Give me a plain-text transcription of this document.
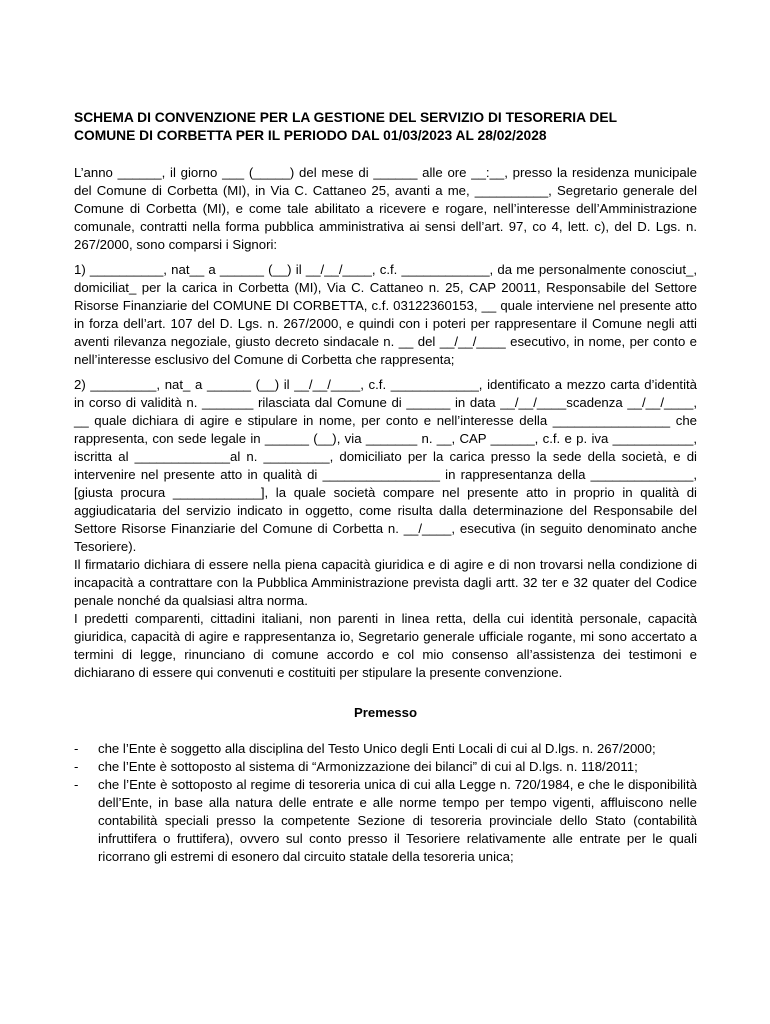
SCHEMA DI CONVENZIONE PER LA GESTIONE DEL SERVIZIO DI TESORERIA DEL
COMUNE DI CORBETTA PER IL PERIODO DAL 01/03/2023 AL 28/02/2028

L’anno ______, il giorno ___ (_____) del mese di ______ alle ore __:__, presso la residenza municipale del Comune di Corbetta (MI), in Via C. Cattaneo 25, avanti a me, __________, Segretario generale del Comune di Corbetta (MI), e come tale abilitato a ricevere e rogare, nell’interesse dell’Amministrazione comunale, contratti nella forma pubblica amministrativa ai sensi dell’art. 97, co 4, lett. c), del D. Lgs. n. 267/2000, sono comparsi i Signori:

1) __________, nat__ a ______ (__) il __/__/____, c.f. ____________, da me personalmente conosciut_, domiciliat_ per la carica in Corbetta (MI), Via C. Cattaneo n. 25, CAP 20011, Responsabile del Settore Risorse Finanziarie del COMUNE DI CORBETTA, c.f. 03122360153, __ quale interviene nel presente atto in forza dell’art. 107 del D. Lgs. n. 267/2000, e quindi con i poteri per rappresentare il Comune negli atti aventi rilevanza negoziale, giusto decreto sindacale n. __ del __/__/____ esecutivo, in nome, per conto e nell’interesse esclusivo del Comune di Corbetta che rappresenta;

2) _________, nat_ a ______ (__) il __/__/____, c.f. ____________, identificato a mezzo carta d’identità in corso di validità n. _______ rilasciata dal Comune di ______ in data __/__/____scadenza __/__/____, __ quale dichiara di agire e stipulare in nome, per conto e nell’interesse della ________________ che rappresenta, con sede legale in ______ (__), via _______ n. __, CAP ______, c.f. e p. iva ___________, iscritta al _____________al n. _________, domiciliato per la carica presso la sede della società, e di intervenire nel presente atto in qualità di ________________ in rappresentanza della ______________, [giusta procura ____________], la quale società compare nel presente atto in proprio in qualità di aggiudicataria del servizio indicato in oggetto, come risulta dalla determinazione del Responsabile del Settore Risorse Finanziarie del Comune di Corbetta n. __/____, esecutiva (in seguito denominato anche Tesoriere).

Il firmatario dichiara di essere nella piena capacità giuridica e di agire e di non trovarsi nella condizione di incapacità a contrattare con la Pubblica Amministrazione prevista dagli artt. 32 ter e 32 quater del Codice penale nonché da qualsiasi altra norma.

I predetti comparenti, cittadini italiani, non parenti in linea retta, della cui identità personale, capacità giuridica, capacità di agire e rappresentanza io, Segretario generale ufficiale rogante, mi sono accertato a termini di legge, rinunciano di comune accordo e col mio consenso all’assistenza dei testimoni e dichiarano di essere qui convenuti e costituiti per stipulare la presente convenzione.

Premesso
- che l’Ente è soggetto alla disciplina del Testo Unico degli Enti Locali di cui al D.lgs. n. 267/2000;
- che l’Ente è sottoposto al sistema di “Armonizzazione dei bilanci” di cui al D.lgs. n. 118/2011;
- che l’Ente è sottoposto al regime di tesoreria unica di cui alla Legge n. 720/1984, e che le disponibilità dell’Ente, in base alla natura delle entrate e alle norme tempo per tempo vigenti, affluiscono nelle contabilità speciali presso la competente Sezione di tesoreria provinciale dello Stato (contabilità infruttifera o fruttifera), ovvero sul conto presso il Tesoriere relativamente alle entrate per le quali ricorrano gli estremi di esonero dal circuito statale della tesoreria unica;
